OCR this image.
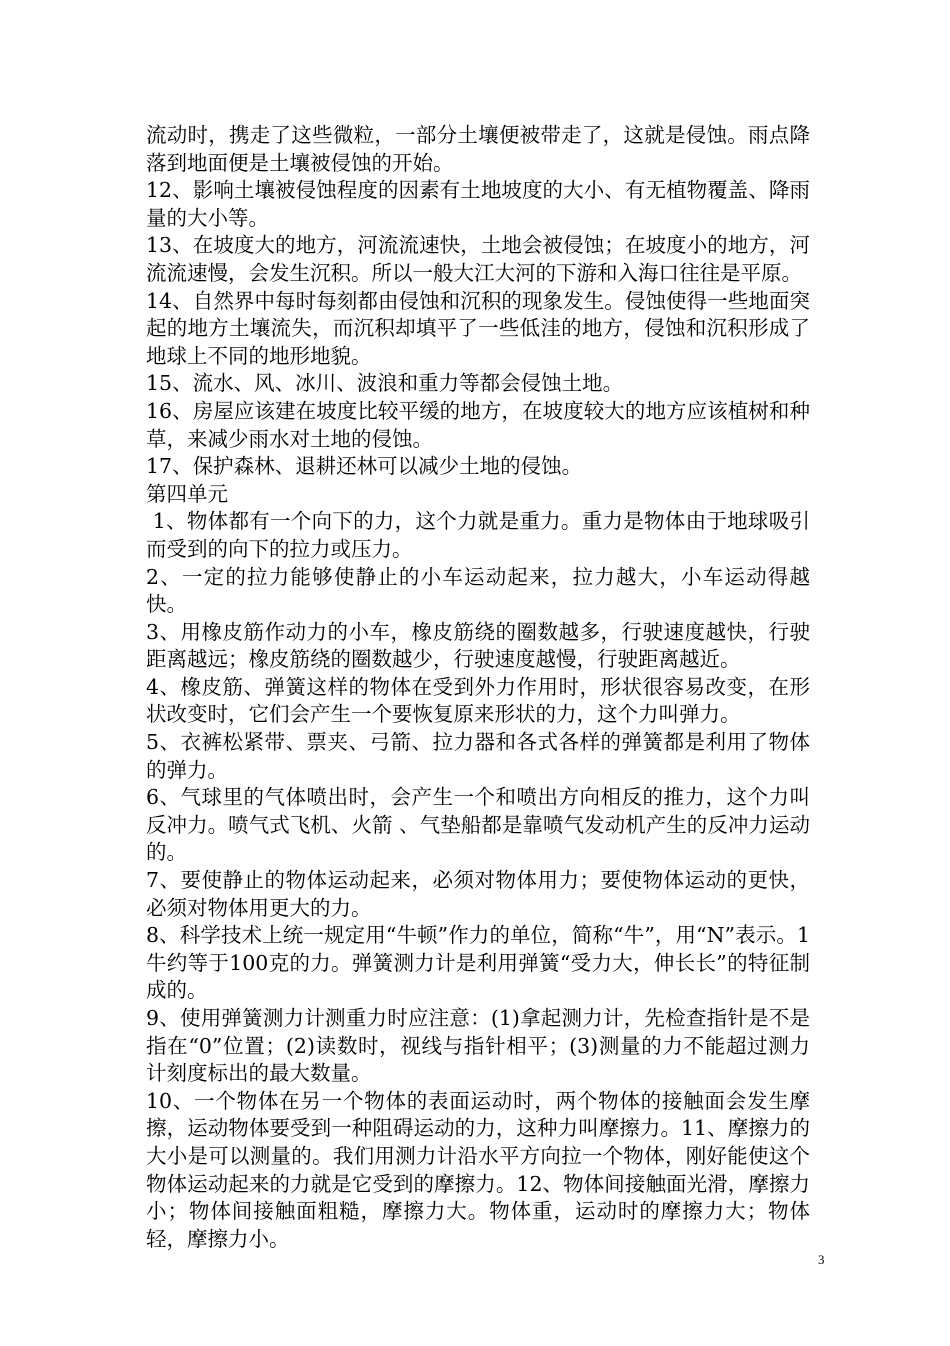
流动时，携走了这些微粒，一部分土壤便被带走了，这就是侵蚀。雨点降落到地面便是土壤被侵蚀的开始。

12、影响土壤被侵蚀程度的因素有土地坡度的大小、有无植物覆盖、降雨量的大小等。

13、在坡度大的地方，河流流速快，土地会被侵蚀；在坡度小的地方，河流流速慢，会发生沉积。所以一般大江大河的下游和入海口往往是平原。

14、自然界中每时每刻都由侵蚀和沉积的现象发生。侵蚀使得一些地面突起的地方土壤流失，而沉积却填平了一些低洼的地方，侵蚀和沉积形成了地球上不同的地形地貌。

15、流水、风、冰川、波浪和重力等都会侵蚀土地。

16、房屋应该建在坡度比较平缓的地方，在坡度较大的地方应该植树和种草，来减少雨水对土地的侵蚀。

17、保护森林、退耕还林可以减少土地的侵蚀。

第四单元

1、物体都有一个向下的力，这个力就是重力。重力是物体由于地球吸引而受到的向下的拉力或压力。

2、一定的拉力能够使静止的小车运动起来，拉力越大，小车运动得越快。

3、用橡皮筋作动力的小车，橡皮筋绕的圈数越多，行驶速度越快，行驶距离越远；橡皮筋绕的圈数越少，行驶速度越慢，行驶距离越近。

4、橡皮筋、弹簧这样的物体在受到外力作用时，形状很容易改变，在形状改变时，它们会产生一个要恢复原来形状的力，这个力叫弹力。

5、衣裤松紧带、票夹、弓箭、拉力器和各式各样的弹簧都是利用了物体的弹力。

6、气球里的气体喷出时，会产生一个和喷出方向相反的推力，这个力叫反冲力。喷气式飞机、火箭 、气垫船都是靠喷气发动机产生的反冲力运动的。

7、要使静止的物体运动起来，必须对物体用力；要使物体运动的更快，必须对物体用更大的力。

8、科学技术上统一规定用“牛顿”作力的单位，简称“牛”，用“N”表示。1牛约等于100克的力。弹簧测力计是利用弹簧“受力大，伸长长”的特征制成的。

9、使用弹簧测力计测重力时应注意：(1)拿起测力计，先检查指针是不是指在“0”位置；(2)读数时，视线与指针相平；(3)测量的力不能超过测力计刻度标出的最大数量。

10、一个物体在另一个物体的表面运动时，两个物体的接触面会发生摩擦，运动物体要受到一种阻碍运动的力，这种力叫摩擦力。11、摩擦力的大小是可以测量的。我们用测力计沿水平方向拉一个物体，刚好能使这个物体运动起来的力就是它受到的摩擦力。12、物体间接触面光滑，摩擦力小；物体间接触面粗糙，摩擦力大。物体重，运动时的摩擦力大；物体轻，摩擦力小。

3
